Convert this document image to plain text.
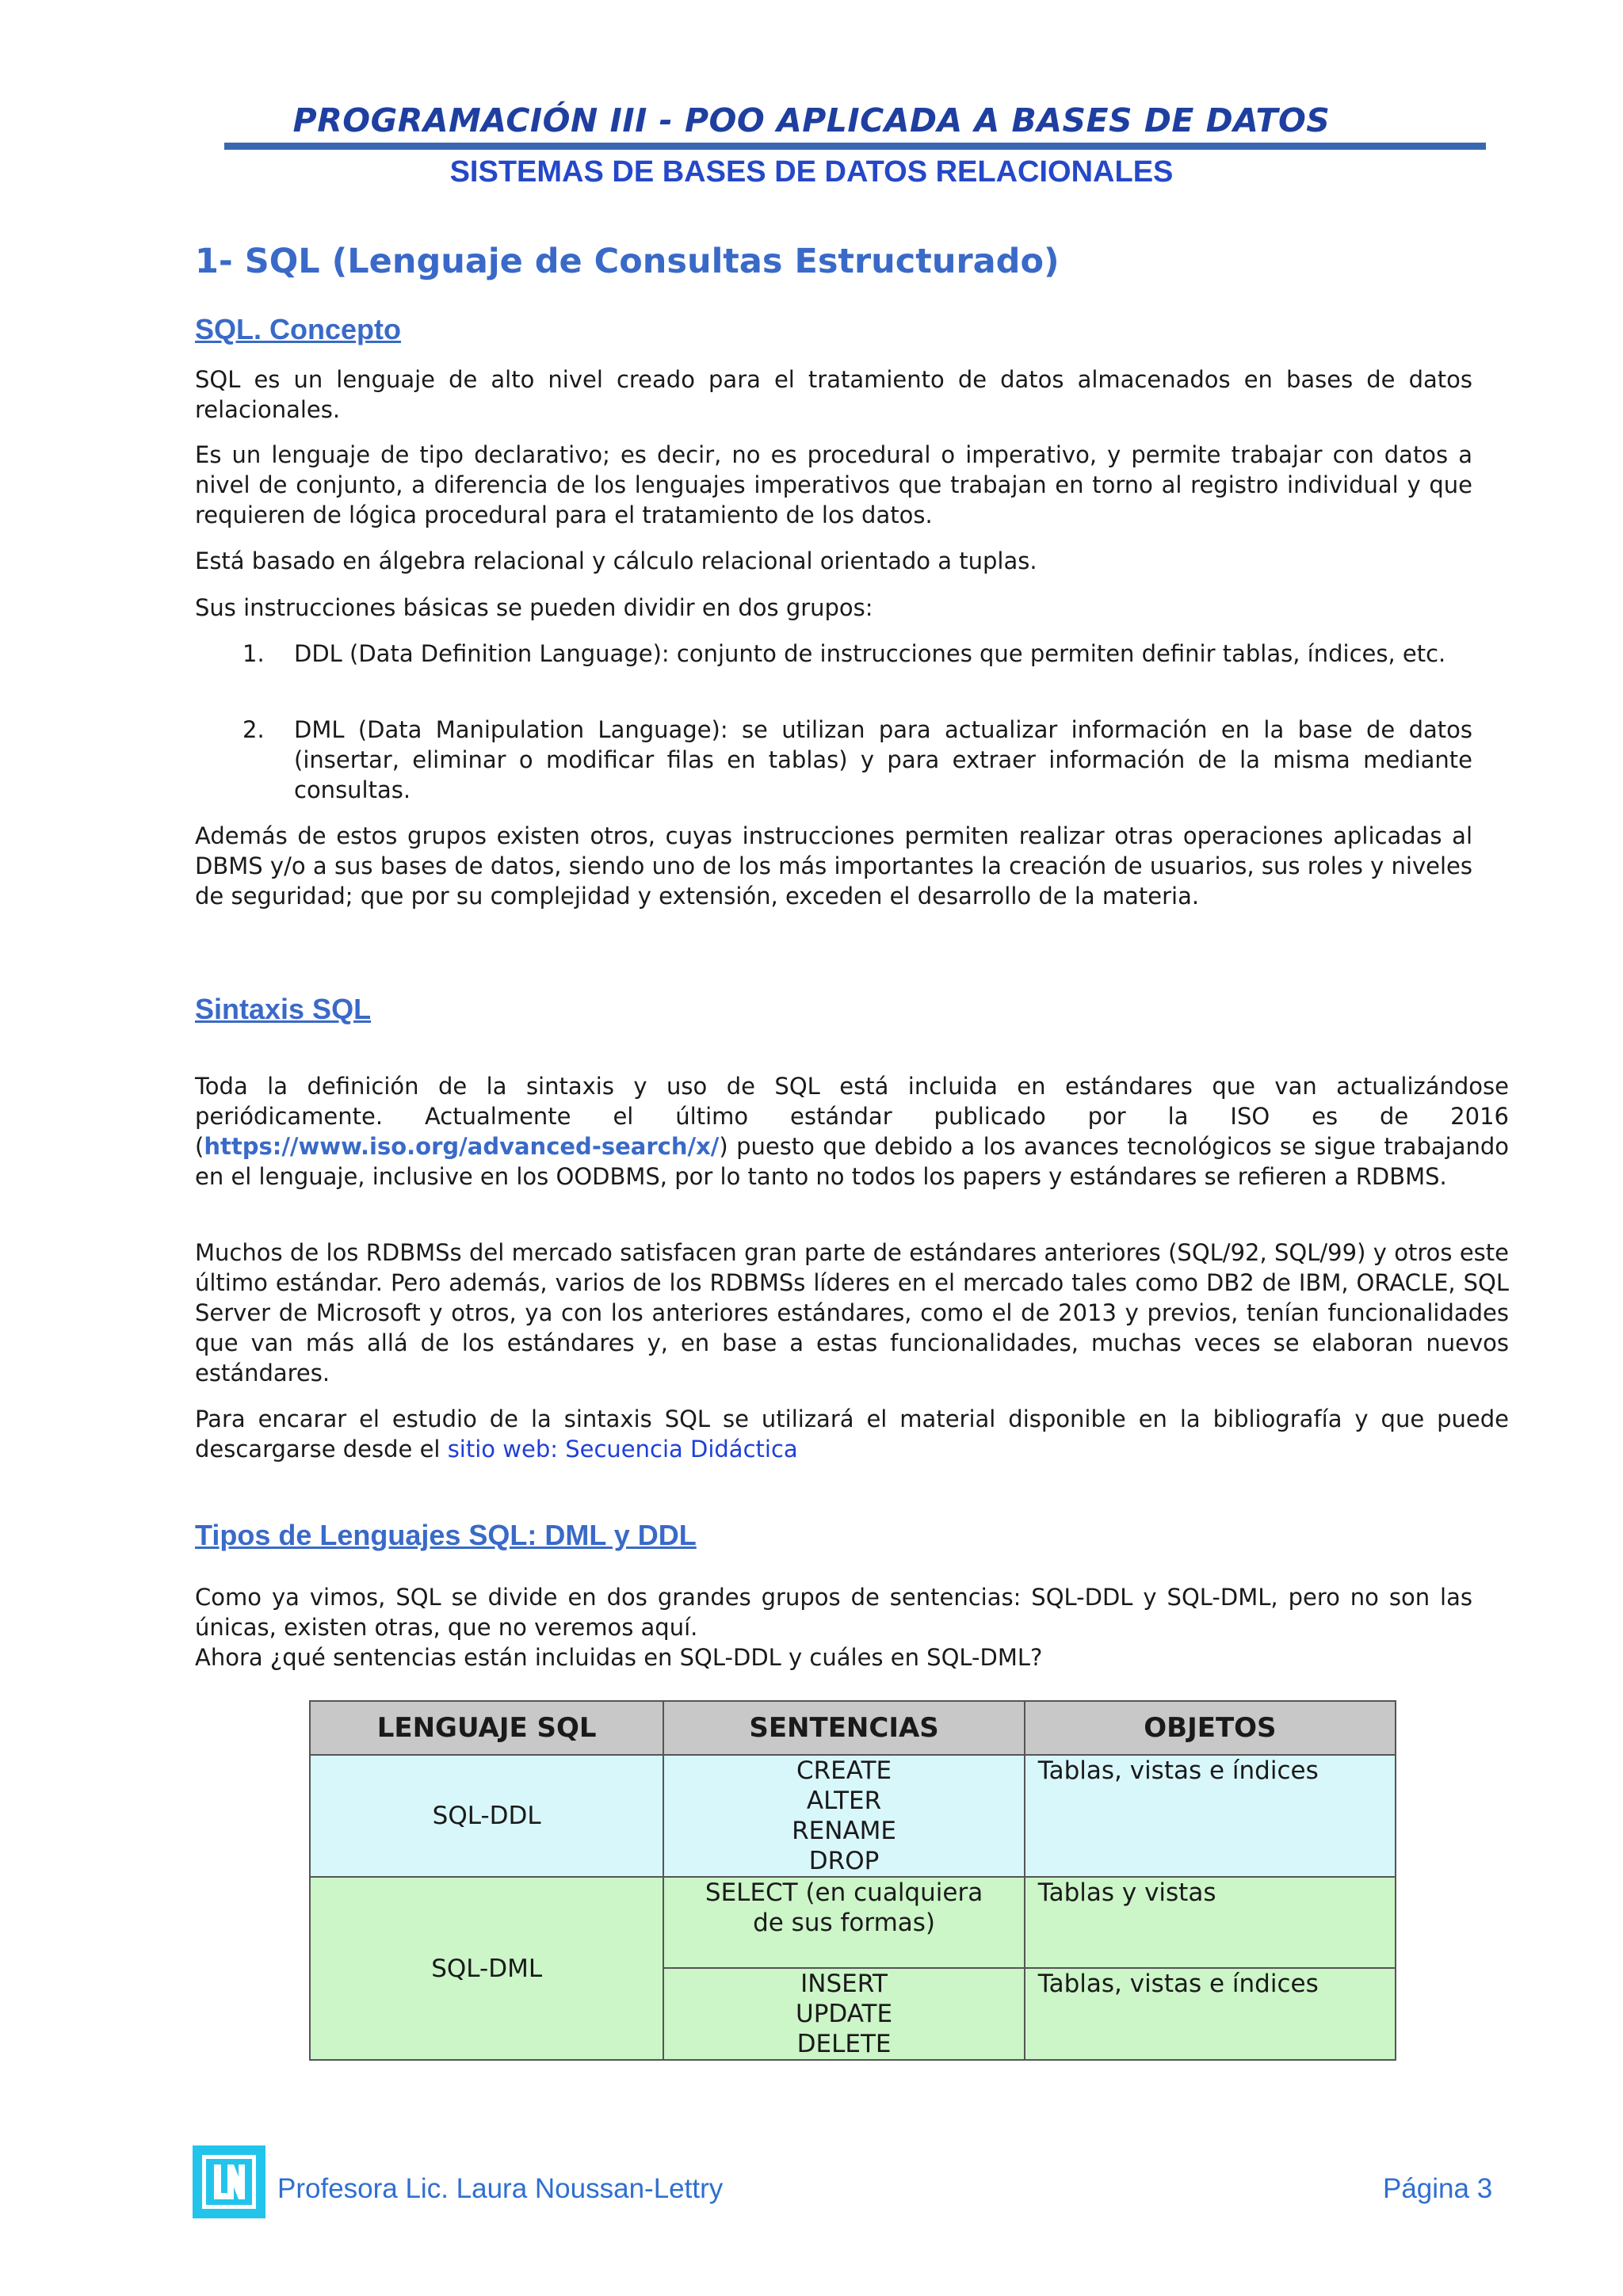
PROGRAMACIÓN III - POO APLICADA A BASES DE DATOS
SISTEMAS DE BASES DE DATOS RELACIONALES
1- SQL (Lenguaje de Consultas Estructurado)
SQL. Concepto
SQL es un lenguaje de alto nivel creado para el tratamiento de datos almacenados en bases de datos relacionales.
Es un lenguaje de tipo declarativo; es decir, no es procedural o imperativo, y permite trabajar con datos a nivel de conjunto, a diferencia de los lenguajes imperativos que trabajan en torno al registro individual y que requieren de lógica procedural para el tratamiento de los datos.
Está basado en álgebra relacional y cálculo relacional orientado a tuplas.
Sus instrucciones básicas se pueden dividir en dos grupos:
1. DDL (Data Definition Language): conjunto de instrucciones que permiten definir tablas, índices, etc.
2. DML (Data Manipulation Language): se utilizan para actualizar información en la base de datos (insertar, eliminar o modificar filas en tablas) y para extraer información de la misma mediante consultas.
Además de estos grupos existen otros, cuyas instrucciones permiten realizar otras operaciones aplicadas al DBMS y/o a sus bases de datos, siendo uno de los más importantes la creación de usuarios, sus roles y niveles de seguridad; que por su complejidad y extensión, exceden el desarrollo de la materia.
Sintaxis SQL
Toda la definición de la sintaxis y uso de SQL está incluida en estándares que van actualizándose periódicamente. Actualmente el último estándar publicado por la ISO es de 2016 (https://www.iso.org/advanced-search/x/) puesto que debido a los avances tecnológicos se sigue trabajando en el lenguaje, inclusive en los OODBMS, por lo tanto no todos los papers y estándares se refieren a RDBMS.
Muchos de los RDBMSs del mercado satisfacen gran parte de estándares anteriores (SQL/92, SQL/99) y otros este último estándar. Pero además, varios de los RDBMSs líderes en el mercado tales como DB2 de IBM, ORACLE, SQL Server de Microsoft y otros, ya con los anteriores estándares, como el de 2013 y previos, tenían funcionalidades que van más allá de los estándares y, en base a estas funcionalidades, muchas veces se elaboran nuevos estándares.
Para encarar el estudio de la sintaxis SQL se utilizará el material disponible en la bibliografía y que puede descargarse desde el sitio web: Secuencia Didáctica
Tipos de Lenguajes SQL: DML y DDL
Como ya vimos, SQL se divide en dos grandes grupos de sentencias: SQL-DDL y SQL-DML, pero no son las únicas, existen otras, que no veremos aquí.
Ahora ¿qué sentencias están incluidas en SQL-DDL y cuáles en SQL-DML?
LENGUAJE SQL	SENTENCIAS	OBJETOS
SQL-DDL	CREATE
ALTER
RENAME
DROP	Tablas, vistas e índices
SQL-DML	SELECT (en cualquiera
de sus formas)	Tablas y vistas

	INSERT
UPDATE
DELETE	Tablas, vistas e índices
Profesora Lic. Laura Noussan-Lettry	Página 3
